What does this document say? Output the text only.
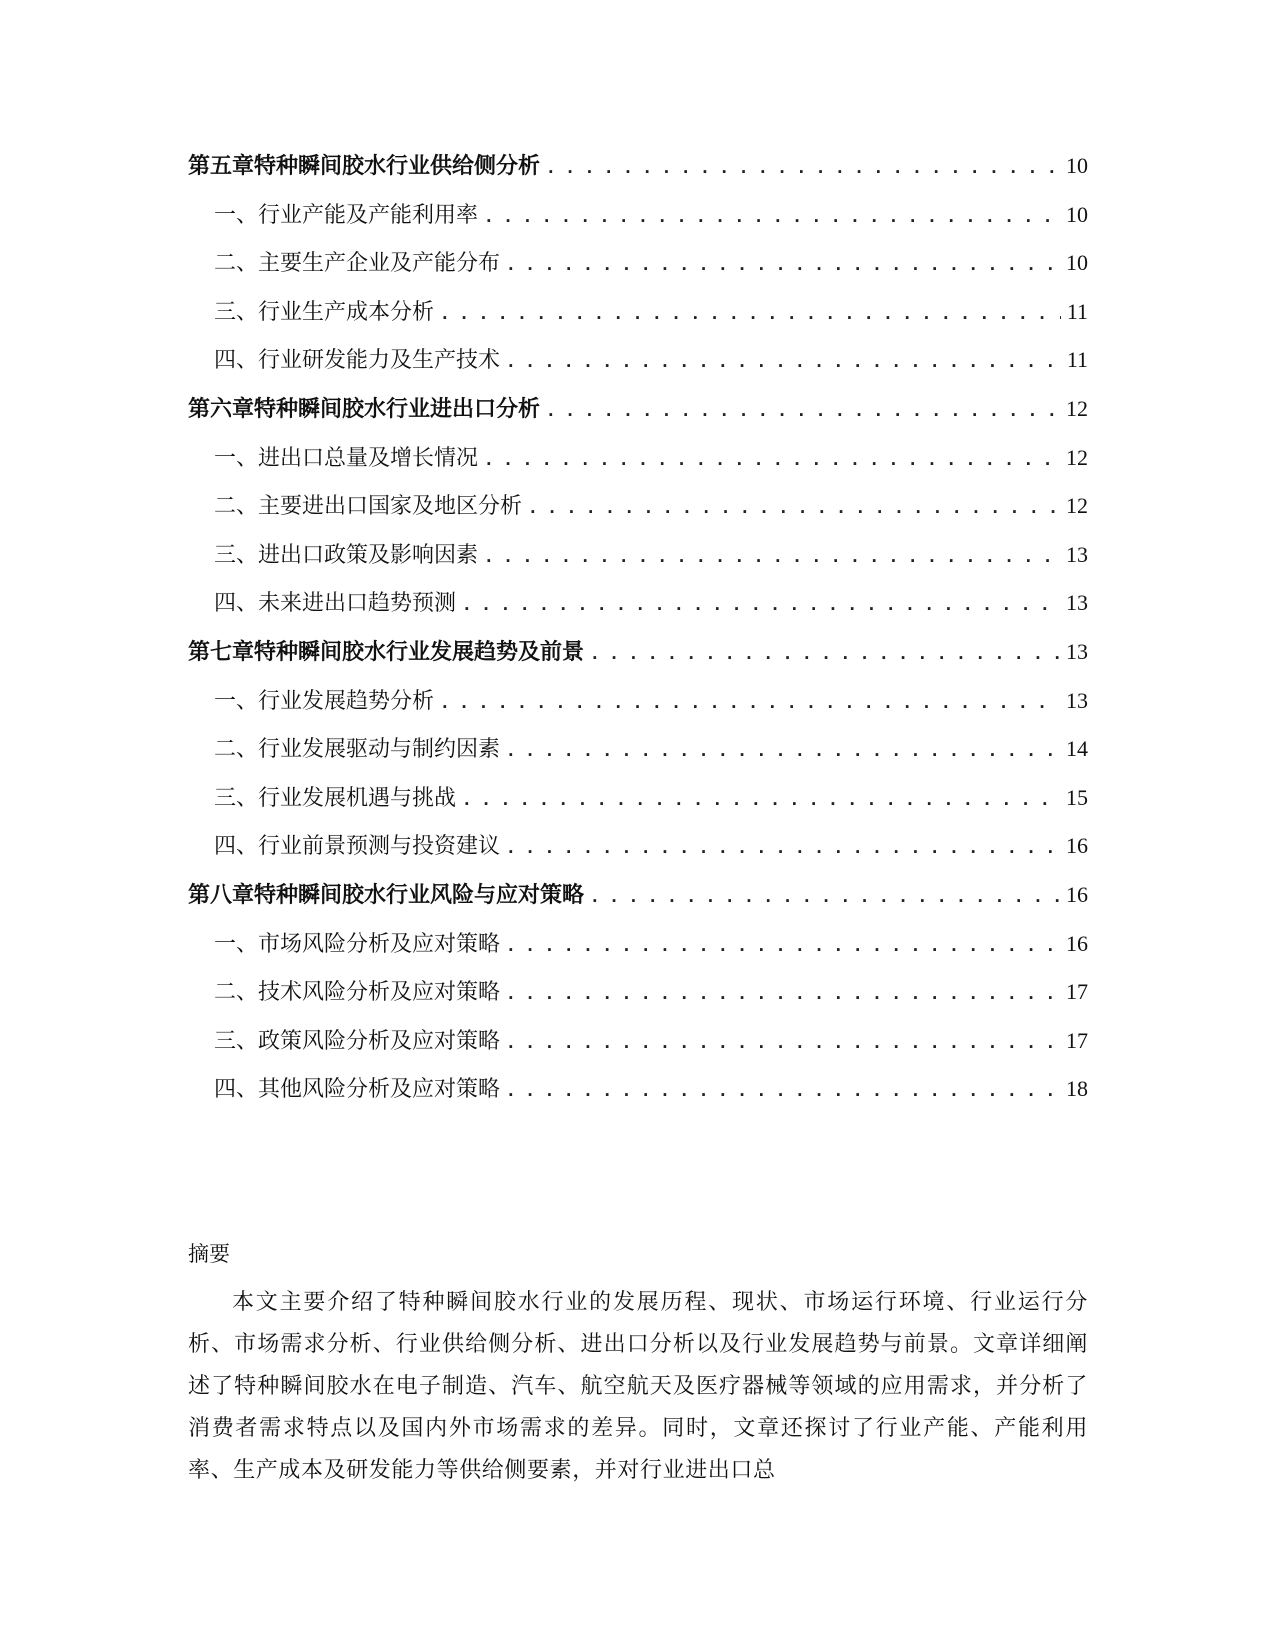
第五章 特种瞬间胶水行业供给侧分析 . . .	10
一、 行业产能及产能利用率 . . .	10
二、 主要生产企业及产能分布 . . .	10
三、 行业生产成本分析 . . .	11
四、 行业研发能力及生产技术 . . .	11
第六章 特种瞬间胶水行业进出口分析 . . .	12
一、 进出口总量及增长情况 . . .	12
二、 主要进出口国家及地区分析 . . .	12
三、 进出口政策及影响因素 . . .	13
四、 未来进出口趋势预测 . . .	13
第七章 特种瞬间胶水行业发展趋势及前景 . . .	13
一、 行业发展趋势分析 . . .	13
二、 行业发展驱动与制约因素 . . .	14
三、 行业发展机遇与挑战 . . .	15
四、 行业前景预测与投资建议 . . .	16
第八章 特种瞬间胶水行业风险与应对策略 . . .	16
一、 市场风险分析及应对策略 . . .	16
二、 技术风险分析及应对策略 . . .	17
三、 政策风险分析及应对策略 . . .	17
四、 其他风险分析及应对策略 . . .	18
摘要

本文主要介绍了特种瞬间胶水行业的发展历程、现状、市场运行环境、行业运行分析、市场需求分析、行业供给侧分析、进出口分析以及行业发展趋势与前景。文章详细阐述了特种瞬间胶水在电子制造、汽车、航空航天及医疗器械等领域的应用需求，并分析了消费者需求特点以及国内外市场需求的差异。同时，文章还探讨了行业产能、产能利用率、生产成本及研发能力等供给侧要素，并对行业进出口总
